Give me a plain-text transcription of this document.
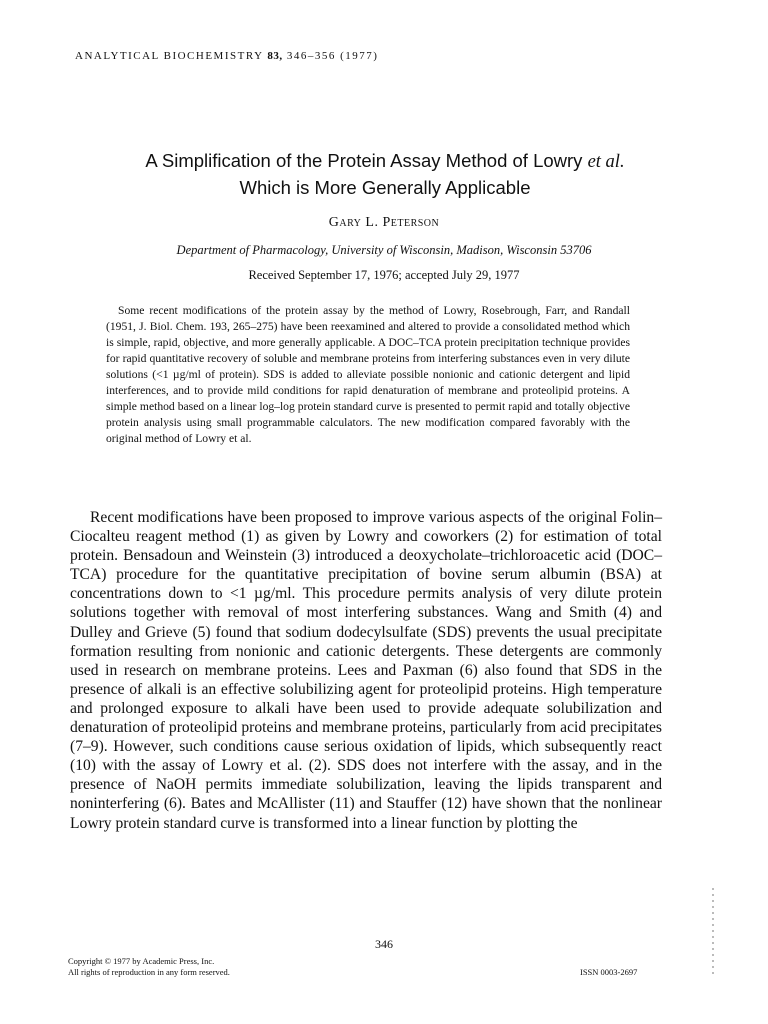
ANALYTICAL BIOCHEMISTRY 83, 346–356 (1977)
A Simplification of the Protein Assay Method of Lowry et al.
Which is More Generally Applicable
Gary L. Peterson
Department of Pharmacology, University of Wisconsin, Madison, Wisconsin 53706
Received September 17, 1976; accepted July 29, 1977

Some recent modifications of the protein assay by the method of Lowry, Rosebrough, Farr, and Randall (1951, J. Biol. Chem. 193, 265–275) have been reexamined and altered to provide a consolidated method which is simple, rapid, objective, and more generally applicable. A DOC–TCA protein precipitation technique provides for rapid quantitative recovery of soluble and membrane proteins from interfering substances even in very dilute solutions (<1 µg/ml of protein). SDS is added to alleviate possible nonionic and cationic detergent and lipid interferences, and to provide mild conditions for rapid denaturation of membrane and proteolipid proteins. A simple method based on a linear log–log protein standard curve is presented to permit rapid and totally objective protein analysis using small programmable calculators. The new modification compared favorably with the original method of Lowry et al.

Recent modifications have been proposed to improve various aspects of the original Folin–Ciocalteu reagent method (1) as given by Lowry and coworkers (2) for estimation of total protein. Bensadoun and Weinstein (3) introduced a deoxycholate–trichloroacetic acid (DOC–TCA) procedure for the quantitative precipitation of bovine serum albumin (BSA) at concentrations down to <1 µg/ml. This procedure permits analysis of very dilute protein solutions together with removal of most interfering substances. Wang and Smith (4) and Dulley and Grieve (5) found that sodium dodecylsulfate (SDS) prevents the usual precipitate formation resulting from nonionic and cationic detergents. These detergents are commonly used in research on membrane proteins. Lees and Paxman (6) also found that SDS in the presence of alkali is an effective solubilizing agent for proteolipid proteins. High temperature and prolonged exposure to alkali have been used to provide adequate solubilization and denaturation of proteolipid proteins and membrane proteins, particularly from acid precipitates (7–9). However, such conditions cause serious oxidation of lipids, which subsequently react (10) with the assay of Lowry et al. (2). SDS does not interfere with the assay, and in the presence of NaOH permits immediate solubilization, leaving the lipids transparent and noninterfering (6). Bates and McAllister (11) and Stauffer (12) have shown that the nonlinear Lowry protein standard curve is transformed into a linear function by plotting the

346
Copyright © 1977 by Academic Press, Inc.
All rights of reproduction in any form reserved.	ISSN 0003-2697
